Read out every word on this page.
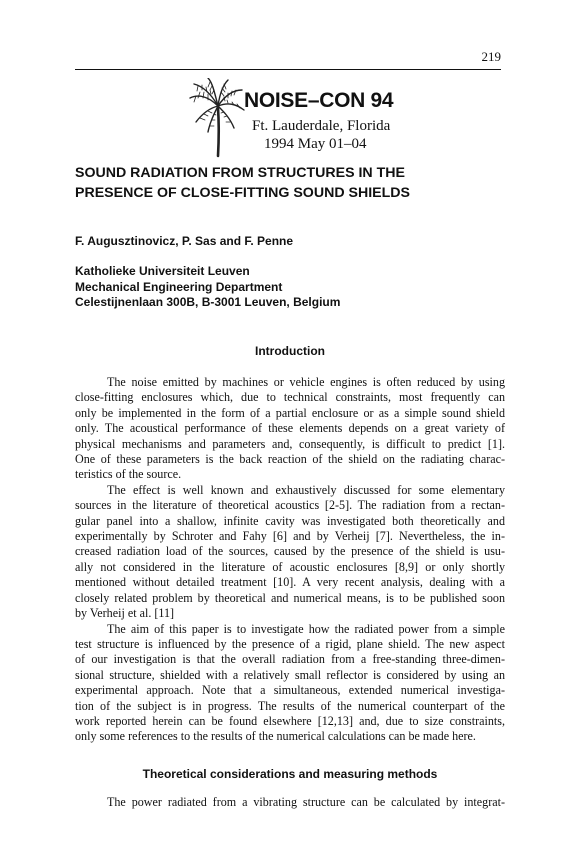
219
NOISE–CON 94
Ft. Lauderdale, Florida
1994 May 01–04
SOUND RADIATION FROM STRUCTURES IN THE
PRESENCE OF CLOSE-FITTING SOUND SHIELDS
F. Augusztinovicz, P. Sas and F. Penne
Katholieke Universiteit Leuven
Mechanical Engineering Department
Celestijnenlaan 300B, B-3001 Leuven, Belgium
Introduction
The noise emitted by machines or vehicle engines is often reduced by using
close-fitting enclosures which, due to technical constraints, most frequently can
only be implemented in the form of a partial enclosure or as a simple sound shield
only. The acoustical performance of these elements depends on a great variety of
physical mechanisms and parameters and, consequently, is difficult to predict [1].
One of these parameters is the back reaction of the shield on the radiating charac-
teristics of the source.
The effect is well known and exhaustively discussed for some elementary
sources in the literature of theoretical acoustics [2-5]. The radiation from a rectan-
gular panel into a shallow, infinite cavity was investigated both theoretically and
experimentally by Schroter and Fahy [6] and by Verheij [7]. Nevertheless, the in-
creased radiation load of the sources, caused by the presence of the shield is usu-
ally not considered in the literature of acoustic enclosures [8,9] or only shortly
mentioned without detailed treatment [10]. A very recent analysis, dealing with a
closely related problem by theoretical and numerical means, is to be published soon
by Verheij et al. [11]
The aim of this paper is to investigate how the radiated power from a simple
test structure is influenced by the presence of a rigid, plane shield. The new aspect
of our investigation is that the overall radiation from a free-standing three-dimen-
sional structure, shielded with a relatively small reflector is considered by using an
experimental approach. Note that a simultaneous, extended numerical investiga-
tion of the subject is in progress. The results of the numerical counterpart of the
work reported herein can be found elsewhere [12,13] and, due to size constraints,
only some references to the results of the numerical calculations can be made here.
Theoretical considerations and measuring methods
The power radiated from a vibrating structure can be calculated by integrat-
